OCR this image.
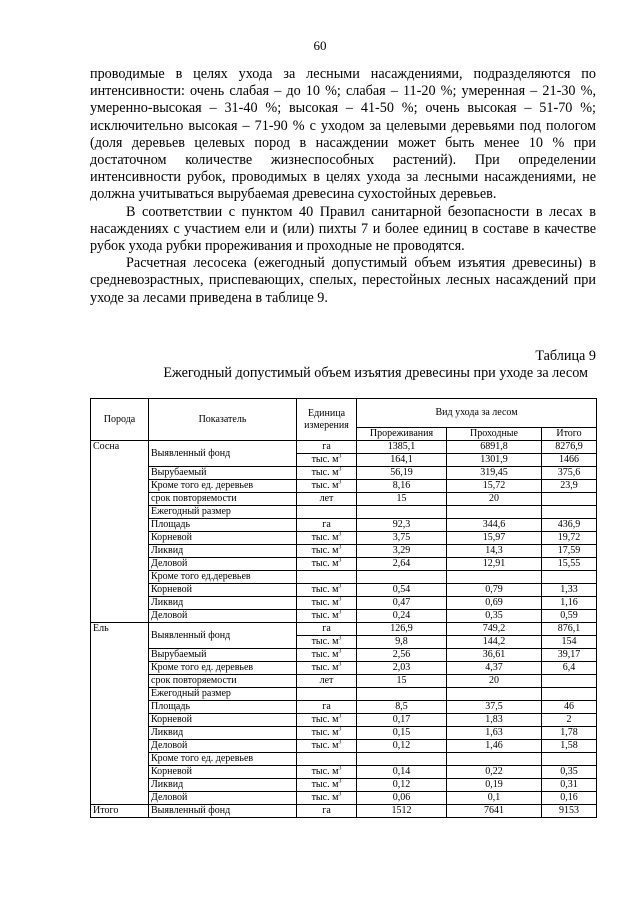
60

проводимые в целях ухода за лесными насаждениями, подразделяются по интенсивности: очень слабая – до 10 %; слабая – 11-20 %; умеренная – 21-30 %, умеренно-высокая – 31-40 %; высокая – 41-50 %; очень высокая – 51-70 %; исключительно высокая – 71-90 % с уходом за целевыми деревьями под пологом (доля деревьев целевых пород в насаждении может быть менее 10 % при достаточном количестве жизнеспособных растений). При определении интенсивности рубок, проводимых в целях ухода за лесными насаждениями, не должна учитываться вырубаемая древесина сухостойных деревьев.

В соответствии с пунктом 40 Правил санитарной безопасности в лесах в насаждениях с участием ели и (или) пихты 7 и более единиц в составе в качестве рубок ухода рубки прореживания и проходные не проводятся.

Расчетная лесосека (ежегодный допустимый объем изъятия древесины) в средневозрастных, приспевающих, спелых, перестойных лесных насаждений при уходе за лесами приведена в таблице 9.

Таблица 9
Ежегодный допустимый объем изъятия древесины при уходе за лесом
Порода	Показатель	Единица измерения	Вид ухода за лесом		
			Прореживания	Проходные	Итого
Сосна	Выявленный фонд	га	1385,1	6891,8	8276,9
		тыс. $м^3$	164,1	1301,9	1466
	Вырубаемый	тыс. $м^3$	56,19	319,45	375,6
	Кроме того ед. деревьев	тыс. $м^3$	8,16	15,72	23,9
	срок повторяемости	лет	15	20	
	Ежегодный размер				
	Площадь	га	92,3	344,6	436,9
	Корневой	тыс. $м^3$	3,75	15,97	19,72
	Ликвид	тыс. $м^3$	3,29	14,3	17,59
	Деловой	тыс. $м^3$	2,64	12,91	15,55
	Кроме того ед.деревьев				
	Корневой	тыс. $м^3$	0,54	0,79	1,33
	Ликвид	тыс. $м^3$	0,47	0,69	1,16
	Деловой	тыс. $м^3$	0,24	0,35	0,59
Ель	Выявленный фонд	га	126,9	749,2	876,1
		тыс. $м^3$	9,8	144,2	154
	Вырубаемый	тыс. $м^3$	2,56	36,61	39,17
	Кроме того ед. деревьев	тыс. $м^3$	2,03	4,37	6,4
	срок повторяемости	лет	15	20	
	Ежегодный размер				
	Площадь	га	8,5	37,5	46
	Корневой	тыс. $м^3$	0,17	1,83	2
	Ликвид	тыс. $м^3$	0,15	1,63	1,78
	Деловой	тыс. $м^3$	0,12	1,46	1,58
	Кроме того ед. деревьев				
	Корневой	тыс. $м^3$	0,14	0,22	0,35
	Ликвид	тыс. $м^3$	0,12	0,19	0,31
	Деловой	тыс. $м^3$	0,06	0,1	0,16
Итого	Выявленный фонд	га	1512	7641	9153
